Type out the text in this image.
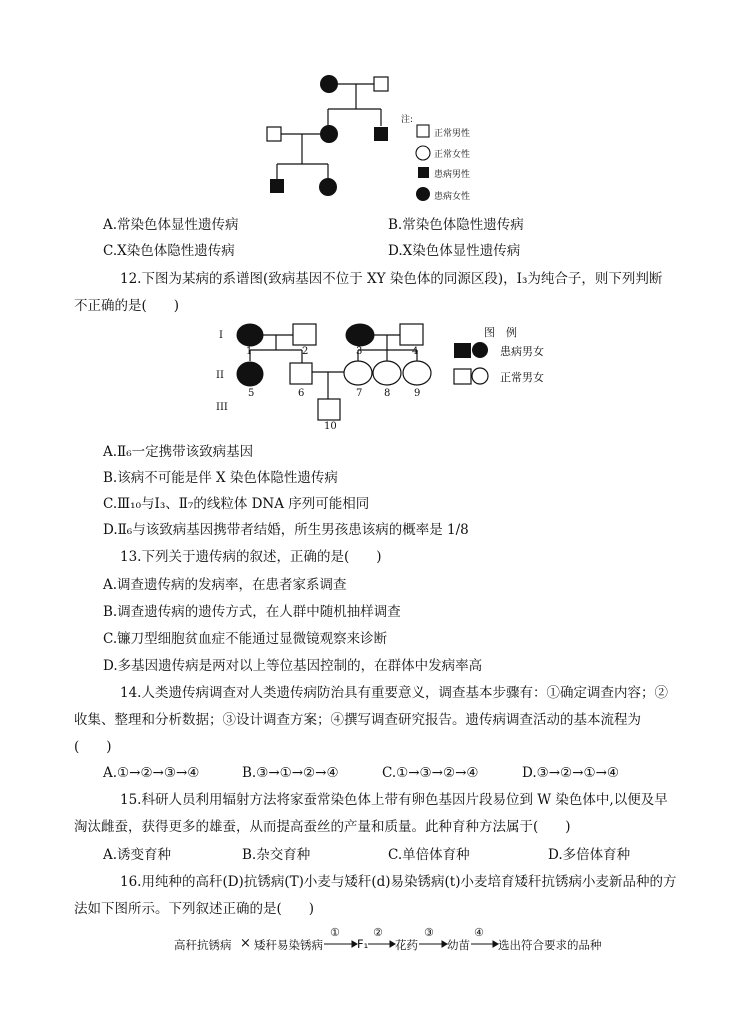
注:
正常男性
正常女性
患病男性
患病女性
A.常染色体显性遗传病	B.常染色体隐性遗传病
C.X染色体隐性遗传病	D.X染色体显性遗传病
12.下图为某病的系谱图(致病基因不位于 XY 染色体的同源区段)，Ⅰ₃为纯合子，则下列判断
不正确的是(　　)
I
II
III
1	2	3	4
5	6	7 8 9
10
图　例
患病男女
正常男女
A.Ⅱ₆一定携带该致病基因
B.该病不可能是伴 X 染色体隐性遗传病
C.Ⅲ₁₀与Ⅰ₃、Ⅱ₇的线粒体 DNA 序列可能相同
D.Ⅱ₆与该致病基因携带者结婚，所生男孩患该病的概率是 1/8
13.下列关于遗传病的叙述，正确的是(　　)
A.调查遗传病的发病率，在患者家系调查
B.调查遗传病的遗传方式，在人群中随机抽样调查
C.镰刀型细胞贫血症不能通过显微镜观察来诊断
D.多基因遗传病是两对以上等位基因控制的，在群体中发病率高
14.人类遗传病调查对人类遗传病防治具有重要意义，调查基本步骤有：①确定调查内容；②
收集、整理和分析数据；③设计调查方案；④撰写调查研究报告。遗传病调查活动的基本流程为
(　　)
A.①→②→③→④	B.③→①→②→④	C.①→③→②→④	D.③→②→①→④
15.科研人员利用辐射方法将家蚕常染色体上带有卵色基因片段易位到 W 染色体中,以便及早
淘汰雌蚕，获得更多的雄蚕，从而提高蚕丝的产量和质量。此种育种方法属于(　　)
A.诱变育种	B.杂交育种	C.单倍体育种	D.多倍体育种
16.用纯种的高秆(D)抗锈病(T)小麦与矮秆(d)易染锈病(t)小麦培育矮秆抗锈病小麦新品种的方
法如下图所示。下列叙述正确的是(　　)
高秆抗锈病 × 矮秆易染锈病
①
F₁
②
花药
③
幼苗
④
选出符合要求的品种
